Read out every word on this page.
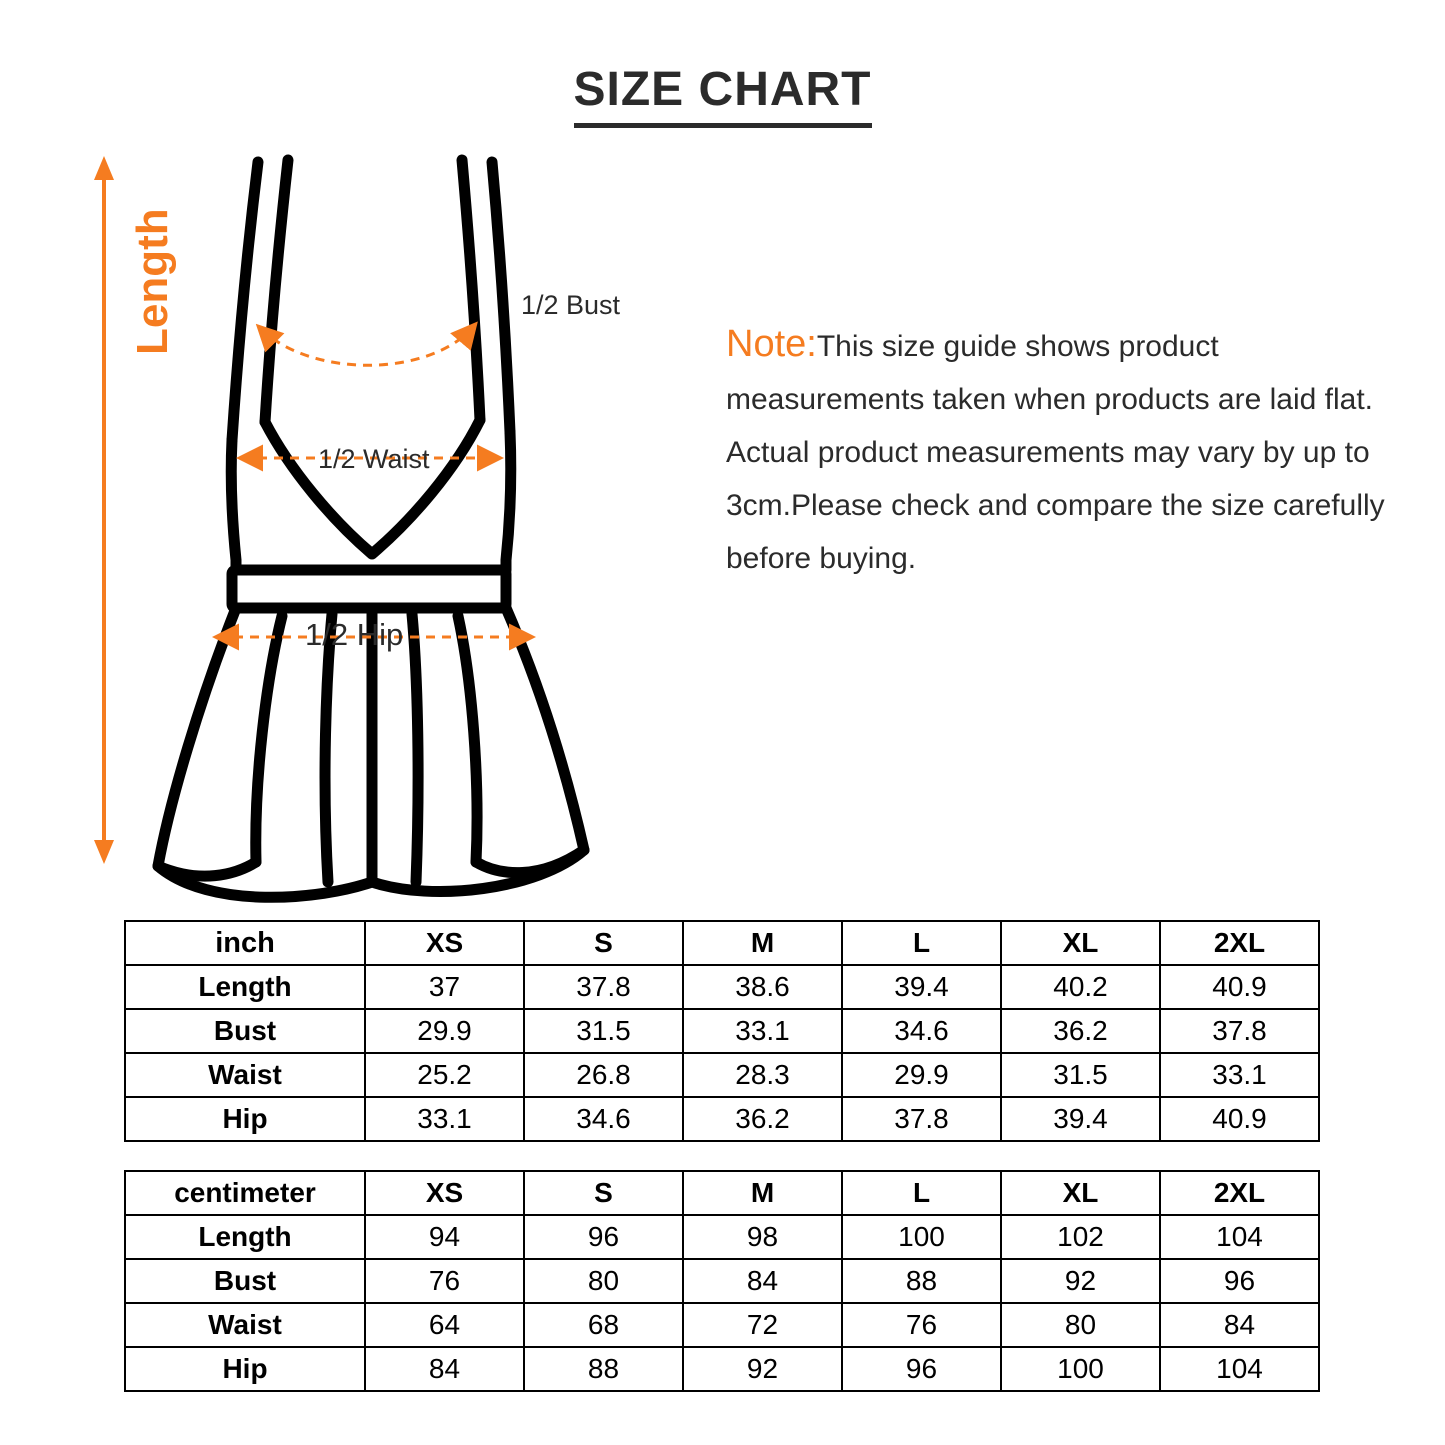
SIZE CHART
Length	1/2 Bust
1/2 Waist
1/2 Hip
Note:This size guide shows product measurements taken when products are laid flat. Actual product measurements may vary by up to 3cm.Please check and compare the size carefully before buying.
inch	XS	S	M	L	XL	2XL
Length	37	37.8	38.6	39.4	40.2	40.9
Bust	29.9	31.5	33.1	34.6	36.2	37.8
Waist	25.2	26.8	28.3	29.9	31.5	33.1
Hip	33.1	34.6	36.2	37.8	39.4	40.9
centimeter	XS	S	M	L	XL	2XL
Length	94	96	98	100	102	104
Bust	76	80	84	88	92	96
Waist	64	68	72	76	80	84
Hip	84	88	92	96	100	104
